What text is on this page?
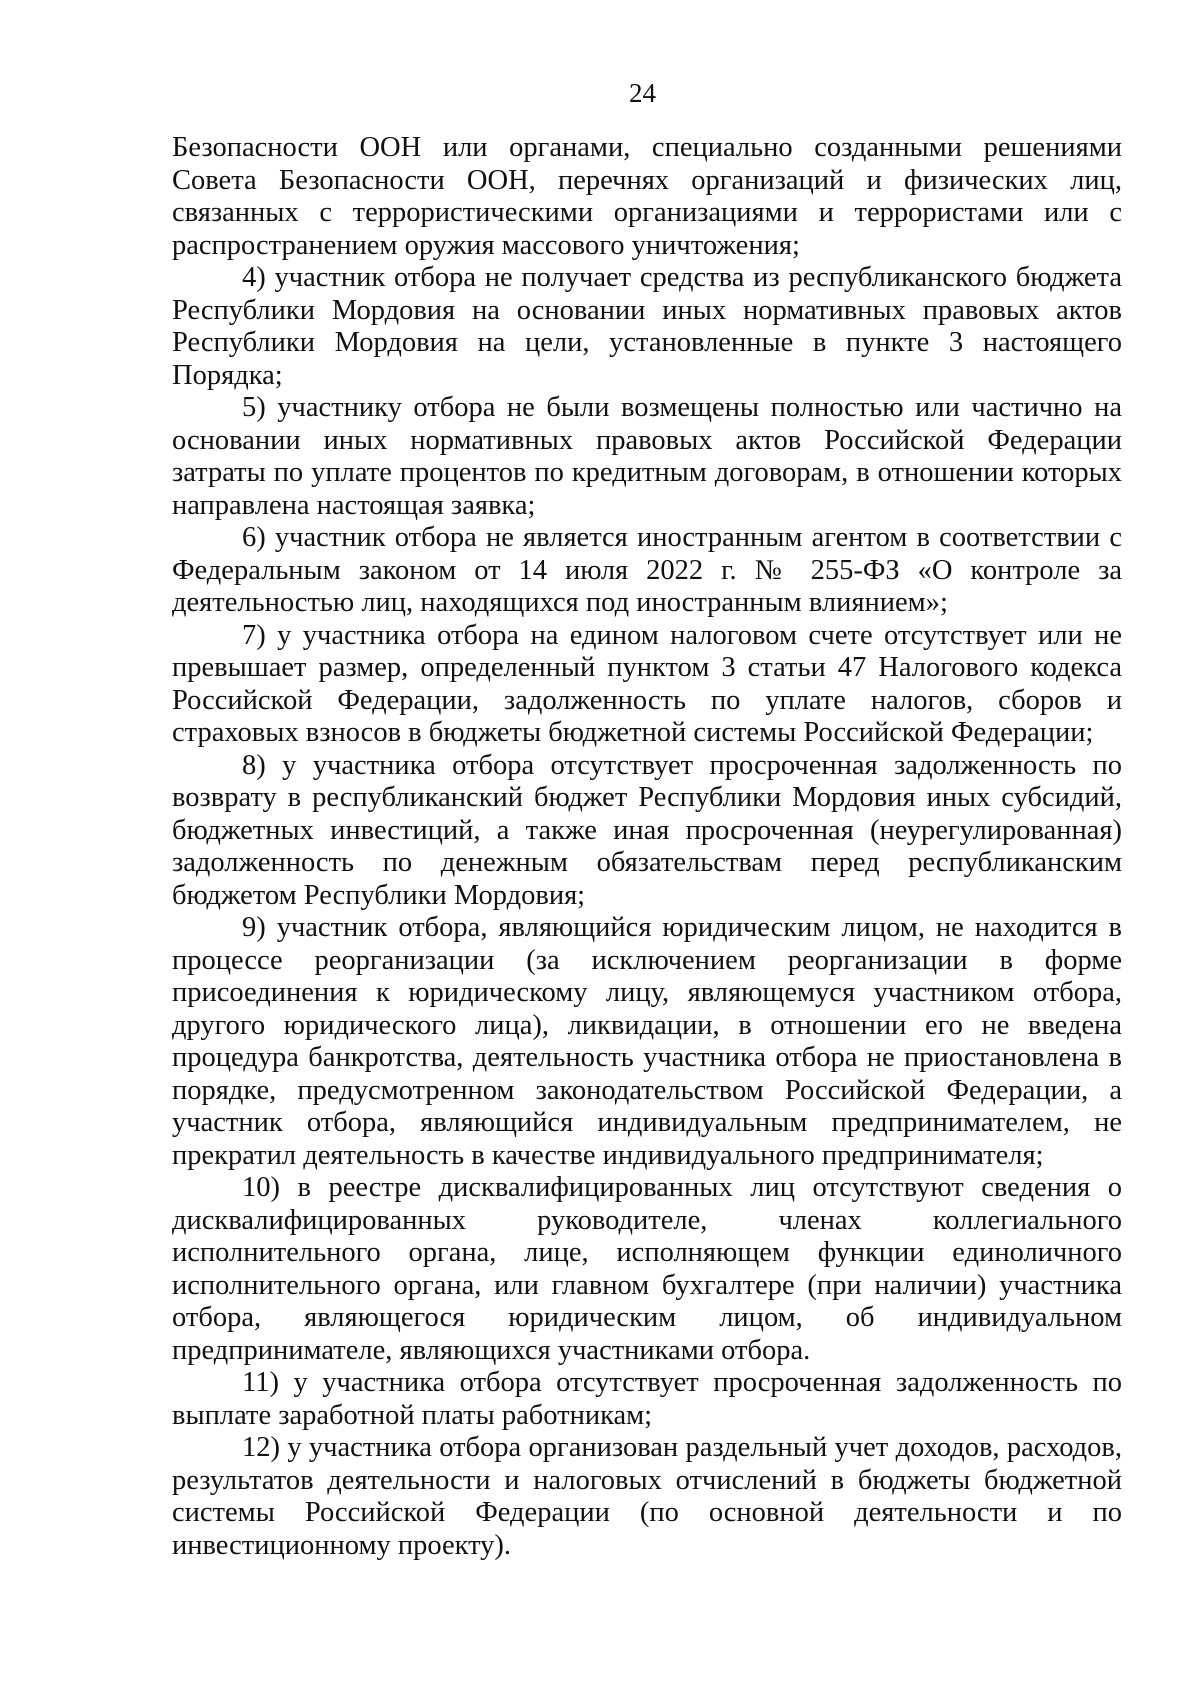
24

Безопасности ООН или органами, специально созданными решениями Совета Безопасности ООН, перечнях организаций и физических лиц, связанных с террористическими организациями и террористами или с распространением оружия массового уничтожения;

4) участник отбора не получает средства из республиканского бюджета Республики Мордовия на основании иных нормативных правовых актов Республики Мордовия на цели, установленные в пункте 3 настоящего Порядка;

5) участнику отбора не были возмещены полностью или частично на основании иных нормативных правовых актов Российской Федерации затраты по уплате процентов по кредитным договорам, в отношении которых направлена настоящая заявка;

6) участник отбора не является иностранным агентом в соответствии с Федеральным законом от 14 июля 2022 г. № 255-ФЗ «О контроле за деятельностью лиц, находящихся под иностранным влиянием»;

7) у участника отбора на едином налоговом счете отсутствует или не превышает размер, определенный пунктом 3 статьи 47 Налогового кодекса Российской Федерации, задолженность по уплате налогов, сборов и страховых взносов в бюджеты бюджетной системы Российской Федерации;

8) у участника отбора отсутствует просроченная задолженность по возврату в республиканский бюджет Республики Мордовия иных субсидий, бюджетных инвестиций, а также иная просроченная (неурегулированная) задолженность по денежным обязательствам перед республиканским бюджетом Республики Мордовия;

9) участник отбора, являющийся юридическим лицом, не находится в процессе реорганизации (за исключением реорганизации в форме присоединения к юридическому лицу, являющемуся участником отбора, другого юридического лица), ликвидации, в отношении его не введена процедура банкротства, деятельность участника отбора не приостановлена в порядке, предусмотренном законодательством Российской Федерации, а участник отбора, являющийся индивидуальным предпринимателем, не прекратил деятельность в качестве индивидуального предпринимателя;

10) в реестре дисквалифицированных лиц отсутствуют сведения о дисквалифицированных руководителе, членах коллегиального исполнительного органа, лице, исполняющем функции единоличного исполнительного органа, или главном бухгалтере (при наличии) участника отбора, являющегося юридическим лицом, об индивидуальном предпринимателе, являющихся участниками отбора.

11) у участника отбора отсутствует просроченная задолженность по выплате заработной платы работникам;

12) у участника отбора организован раздельный учет доходов, расходов, результатов деятельности и налоговых отчислений в бюджеты бюджетной системы Российской Федерации (по основной деятельности и по инвестиционному проекту).
